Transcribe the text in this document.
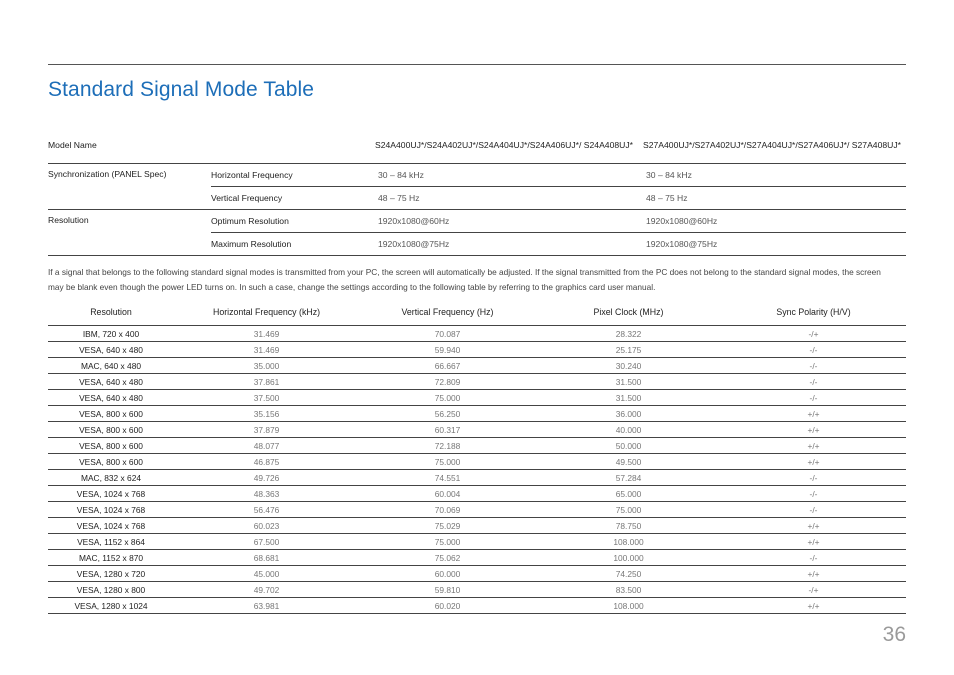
Standard Signal Mode Table
Model Name		S24A400UJ*/S24A402UJ*/S24A404UJ*/S24A406UJ*/ S24A408UJ*	S27A400UJ*/S27A402UJ*/S27A404UJ*/S27A406UJ*/ S27A408UJ*
Synchronization (PANEL Spec)	Horizontal Frequency	30 – 84 kHz	30 – 84 kHz
	Vertical Frequency	48 – 75 Hz	48 – 75 Hz
Resolution	Optimum Resolution	1920x1080@60Hz	1920x1080@60Hz
	Maximum Resolution	1920x1080@75Hz	1920x1080@75Hz

If a signal that belongs to the following standard signal modes is transmitted from your PC, the screen will automatically be adjusted. If the signal transmitted from the PC does not belong to the standard signal modes, the screen may be blank even though the power LED turns on. In such a case, change the settings according to the following table by referring to the graphics card user manual.

Resolution	Horizontal Frequency (kHz)	Vertical Frequency (Hz)	Pixel Clock (MHz)	Sync Polarity (H/V)
IBM, 720 x 400	31.469	70.087	28.322	-/+
VESA, 640 x 480	31.469	59.940	25.175	-/-
MAC, 640 x 480	35.000	66.667	30.240	-/-
VESA, 640 x 480	37.861	72.809	31.500	-/-
VESA, 640 x 480	37.500	75.000	31.500	-/-
VESA, 800 x 600	35.156	56.250	36.000	+/+
VESA, 800 x 600	37.879	60.317	40.000	+/+
VESA, 800 x 600	48.077	72.188	50.000	+/+
VESA, 800 x 600	46.875	75.000	49.500	+/+
MAC, 832 x 624	49.726	74.551	57.284	-/-
VESA, 1024 x 768	48.363	60.004	65.000	-/-
VESA, 1024 x 768	56.476	70.069	75.000	-/-
VESA, 1024 x 768	60.023	75.029	78.750	+/+
VESA, 1152 x 864	67.500	75.000	108.000	+/+
MAC, 1152 x 870	68.681	75.062	100.000	-/-
VESA, 1280 x 720	45.000	60.000	74.250	+/+
VESA, 1280 x 800	49.702	59.810	83.500	-/+
VESA, 1280 x 1024	63.981	60.020	108.000	+/+
36
